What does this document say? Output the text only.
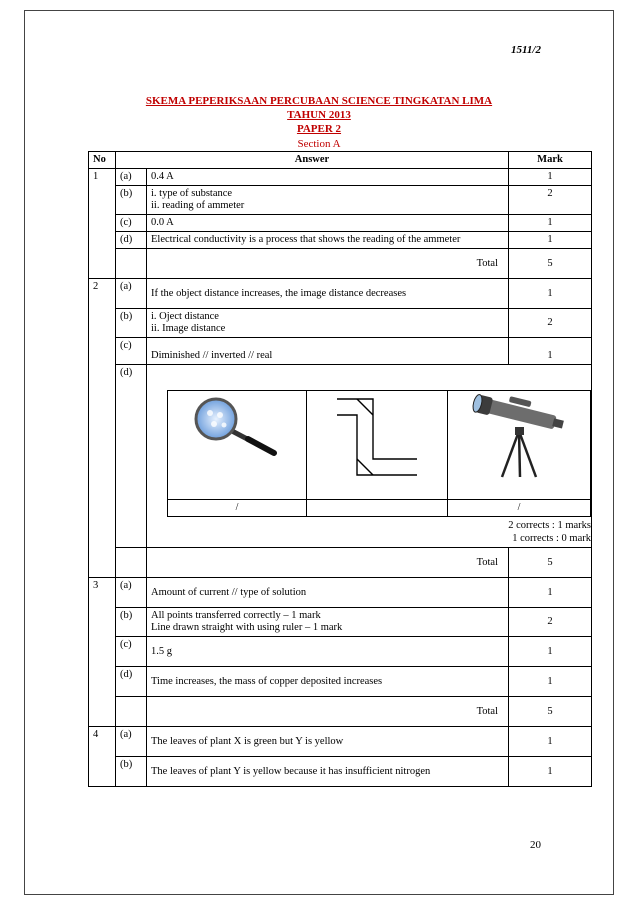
1511/2
SKEMA PEPERIKSAAN PERCUBAAN SCIENCE TINGKATAN LIMA
TAHUN 2013
PAPER 2
Section A
No	Answer	Mark
1	(a)	0.4 A	1
(b)	i. type of substance
ii. reading of ammeter
	2
(c)	0.0 A	1
(d)	Electrical conductivity is a process that shows the reading of the ammeter	1
	Total	5
2	(a)	If the object distance increases, the image distance decreases	1
(b)	i. Oject distance
ii. Image distance
	2
(c)	Diminished // inverted // real	1
(d)	

/		/
2 corrects : 1 marks
1 corrects : 0 mark

	Total	5
3	(a)	Amount of current // type of solution	1
(b)	All points transferred correctly – 1 mark
Line drawn straight with using ruler – 1 mark
	2
(c)	1.5 g	1
(d)	Time increases, the mass of copper deposited increases	1
	Total	5
4	(a)	The leaves of plant X is green but Y is yellow	1
(b)	The leaves of plant Y is yellow because it has insufficient nitrogen	1
20
